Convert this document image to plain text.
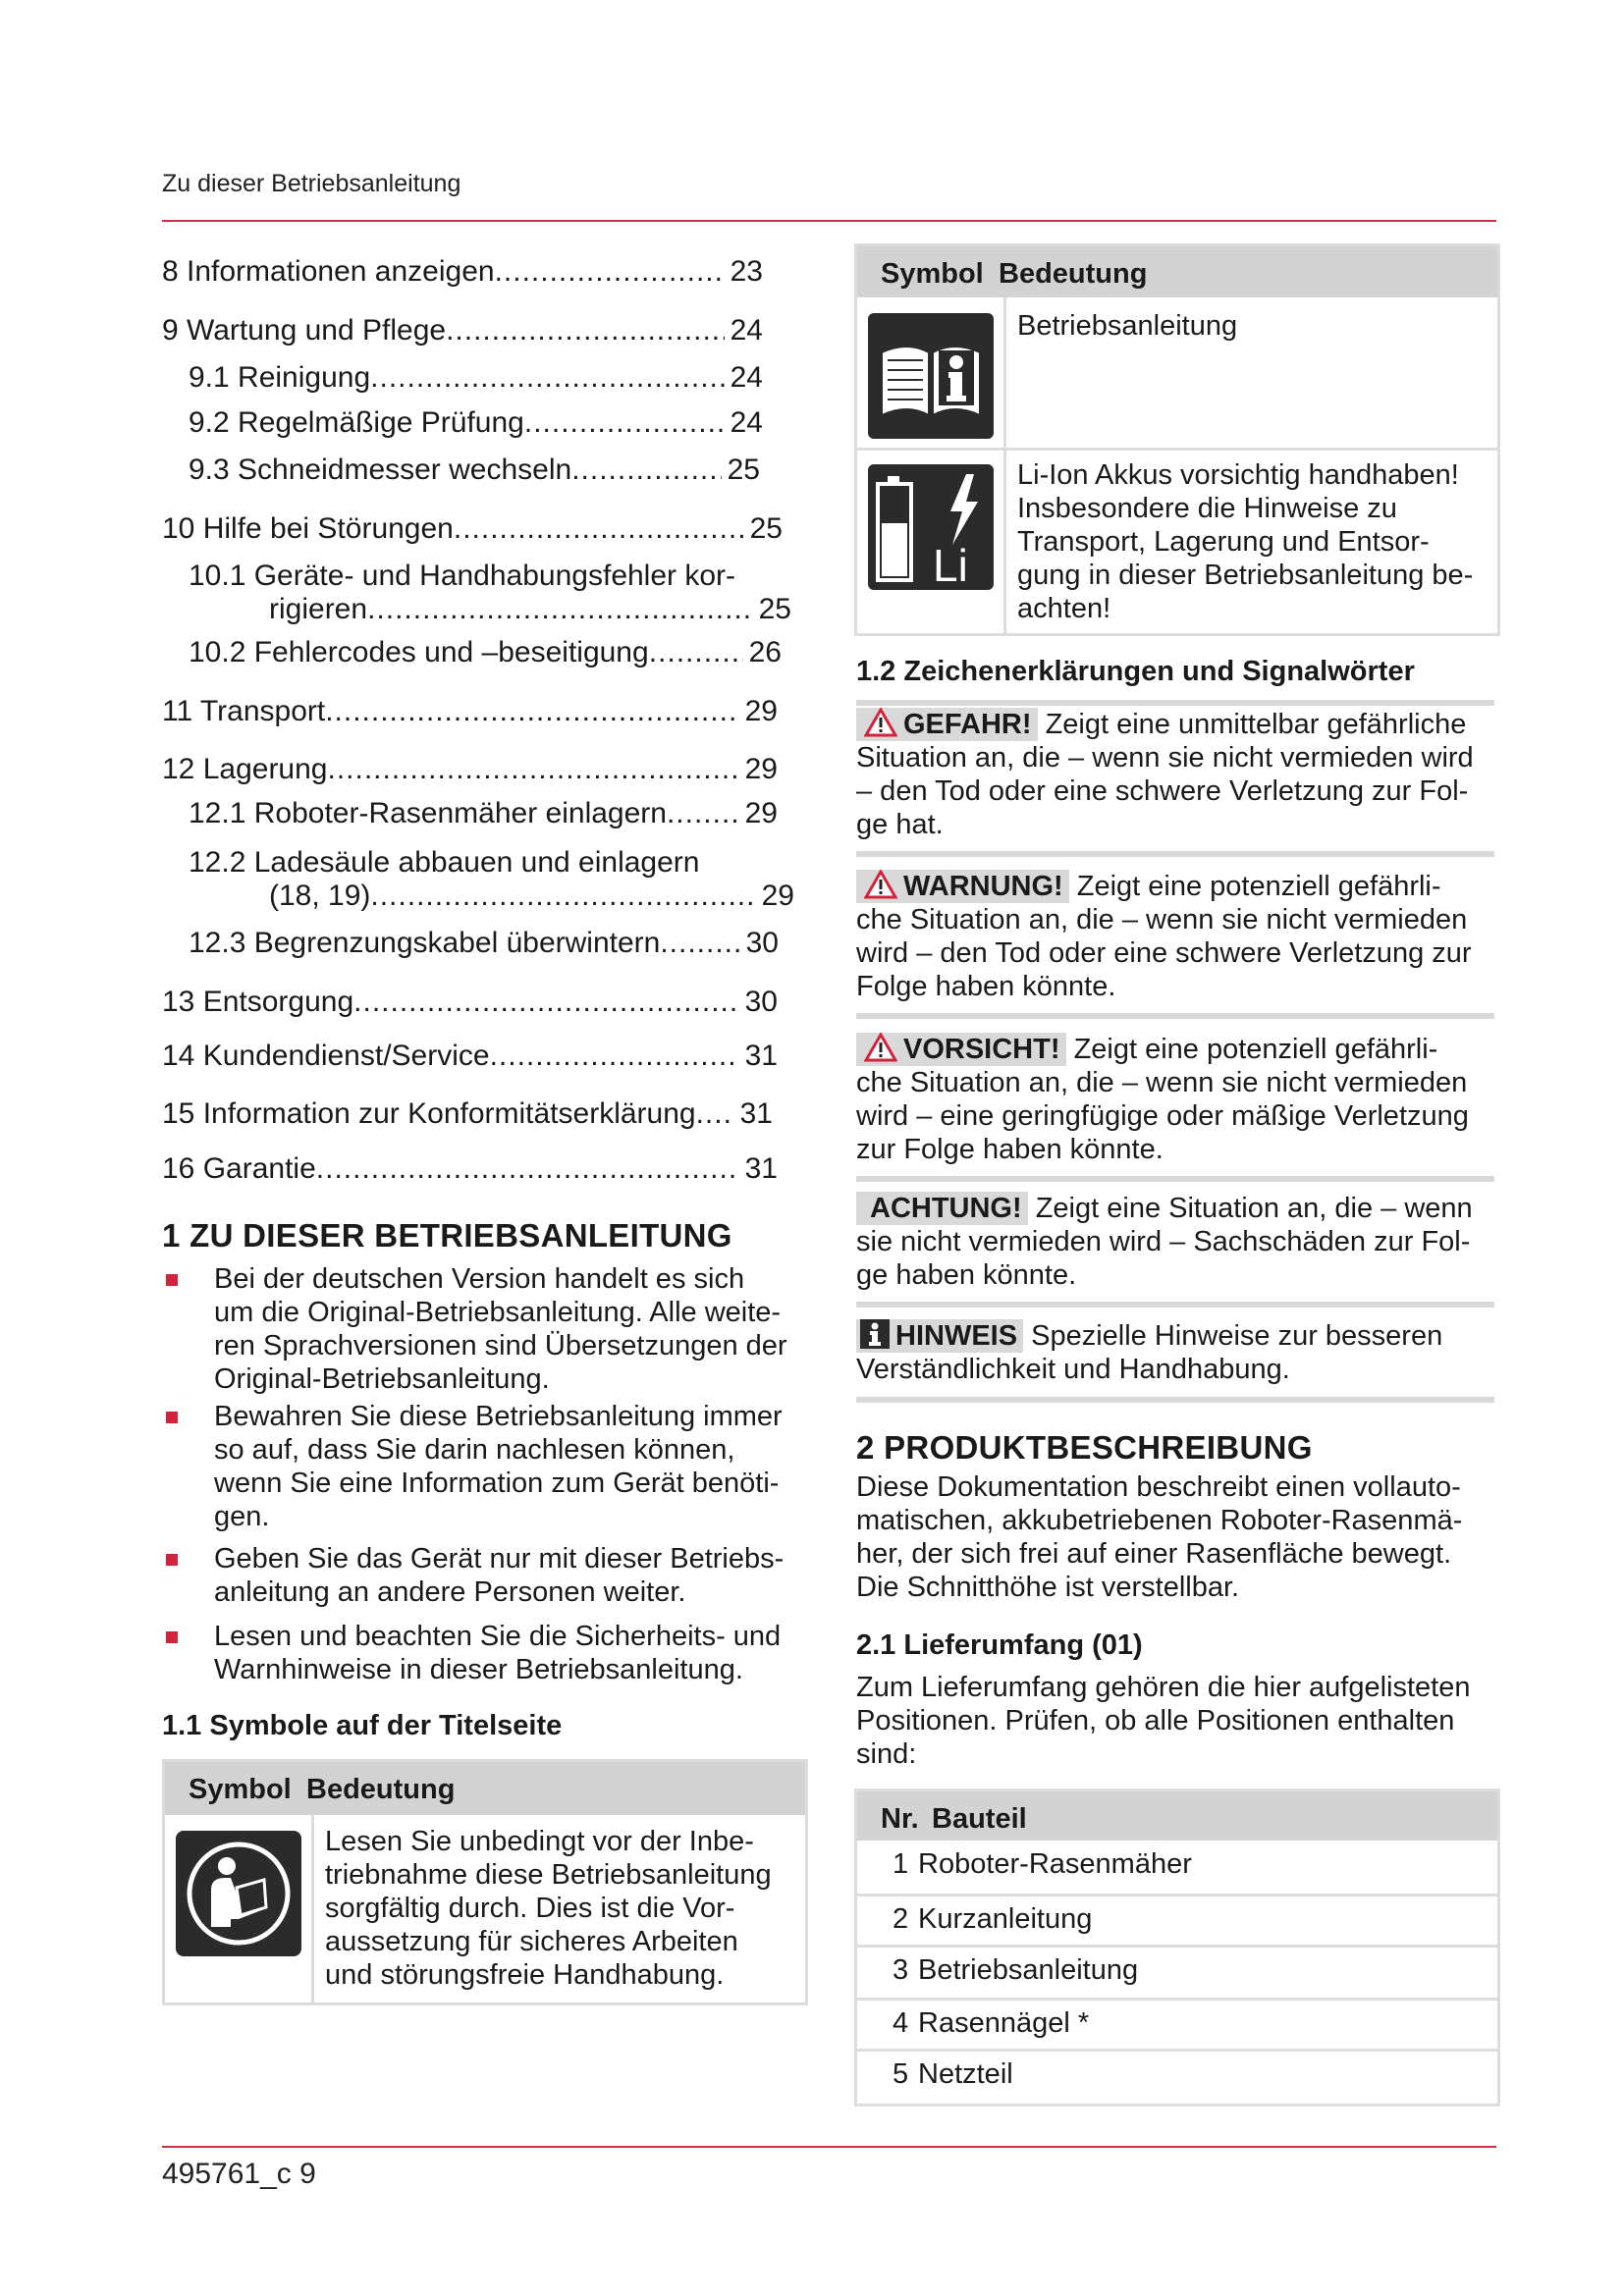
Zu dieser Betriebsanleitung
495761_c 9
8 Informationen anzeigen .....	23
9 Wartung und Pflege .....	24
9.1 Reinigung .....	24
9.2 Regelmäßige Prüfung .....	24
9.3 Schneidmesser wechseln .....	25
10 Hilfe bei Störungen .....	25
10.1 Geräte- und Handhabungsfehler kor-
rigieren .....	25
10.2 Fehlercodes und –beseitigung .....	26
11 Transport .....	29
12 Lagerung .....	29
12.1 Roboter-Rasenmäher einlagern .....	29
12.2 Ladesäule abbauen und einlagern
(18, 19) .....	29
12.3 Begrenzungskabel überwintern .....	30
13 Entsorgung .....	30
14 Kundendienst/Service .....	31
15 Information zur Konformitätserklärung ..... 31
16 Garantie .....	31
1 ZU DIESER BETRIEBSANLEITUNG
Bei der deutschen Version handelt es sich
um die Original-Betriebsanleitung. Alle weite-
ren Sprachversionen sind Übersetzungen der
Original-Betriebsanleitung.
Bewahren Sie diese Betriebsanleitung immer
so auf, dass Sie darin nachlesen können,
wenn Sie eine Information zum Gerät benöti-
gen.
Geben Sie das Gerät nur mit dieser Betriebs-
anleitung an andere Personen weiter.
Lesen und beachten Sie die Sicherheits- und
Warnhinweise in dieser Betriebsanleitung.
1.1 Symbole auf der Titelseite
Symbol Bedeutung
Lesen Sie unbedingt vor der Inbe-
triebnahme diese Betriebsanleitung
sorgfältig durch. Dies ist die Vor-
aussetzung für sicheres Arbeiten
und störungsfreie Handhabung.
Symbol Bedeutung
Betriebsanleitung
Li
Li-Ion Akkus vorsichtig handhaben!
Insbesondere die Hinweise zu
Transport, Lagerung und Entsor-
gung in dieser Betriebsanleitung be-
achten!
1.2 Zeichenerklärungen und Signalwörter
GEFAHR! Zeigt eine unmittelbar gefährliche
Situation an, die – wenn sie nicht vermieden wird
– den Tod oder eine schwere Verletzung zur Fol-
ge hat.
WARNUNG! Zeigt eine potenziell gefährli-
che Situation an, die – wenn sie nicht vermieden
wird – den Tod oder eine schwere Verletzung zur
Folge haben könnte.
VORSICHT! Zeigt eine potenziell gefährli-
che Situation an, die – wenn sie nicht vermieden
wird – eine geringfügige oder mäßige Verletzung
zur Folge haben könnte.
ACHTUNG! Zeigt eine Situation an, die – wenn
sie nicht vermieden wird – Sachschäden zur Fol-
ge haben könnte.
HINWEIS Spezielle Hinweise zur besseren
Verständlichkeit und Handhabung.
2 PRODUKTBESCHREIBUNG
Diese Dokumentation beschreibt einen vollauto-
matischen, akkubetriebenen Roboter-Rasenmä-
her, der sich frei auf einer Rasenfläche bewegt.
Die Schnitthöhe ist verstellbar.
2.1 Lieferumfang (01)
Zum Lieferumfang gehören die hier aufgelisteten
Positionen. Prüfen, ob alle Positionen enthalten
sind:
Nr. Bauteil
1 Roboter-Rasenmäher
2 Kurzanleitung
3 Betriebsanleitung
4 Rasennägel *
5 Netzteil
